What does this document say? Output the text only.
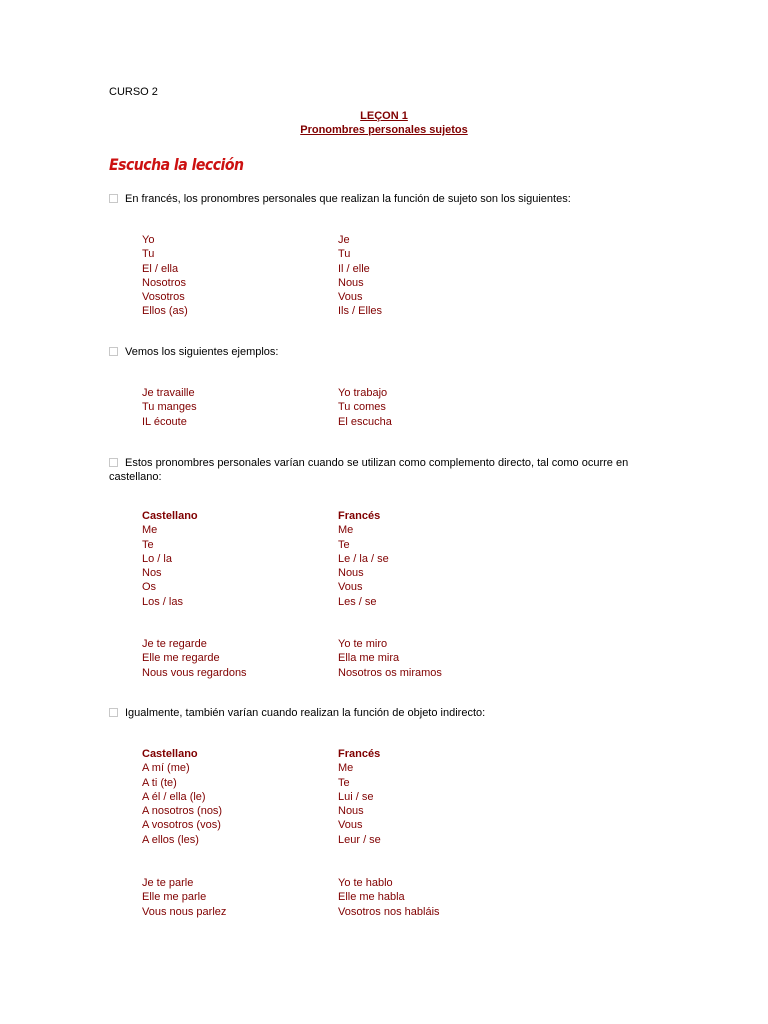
CURSO 2
LEÇON 1
Pronombres personales sujetos
Escucha la lección
En francés, los pronombres personales que realizan la función de sujeto son los siguientes:
Yo	Je
Tu	Tu
El / ella	Il / elle
Nosotros	Nous
Vosotros	Vous
Ellos (as)	Ils / Elles
Vemos los siguientes ejemplos:
Je travaille	Yo trabajo
Tu manges	Tu comes
IL écoute	El escucha
Estos pronombres personales varían cuando se utilizan como complemento directo, tal como ocurre en castellano:
Castellano	Francés
Me	Me
Te	Te
Lo / la	Le / la / se
Nos	Nous
Os	Vous
Los / las	Les / se
Je te regarde	Yo te miro
Elle me regarde	Ella me mira
Nous vous regardons	Nosotros os miramos
Igualmente, también varían cuando realizan la función de objeto indirecto:
Castellano	Francés
A mí (me)	Me
A ti (te)	Te
A él / ella (le)	Lui / se
A nosotros (nos)	Nous
A vosotros (vos)	Vous
A ellos (les)	Leur / se
Je te parle	Yo te hablo
Elle me parle	Elle me habla
Vous nous parlez	Vosotros nos habláis
